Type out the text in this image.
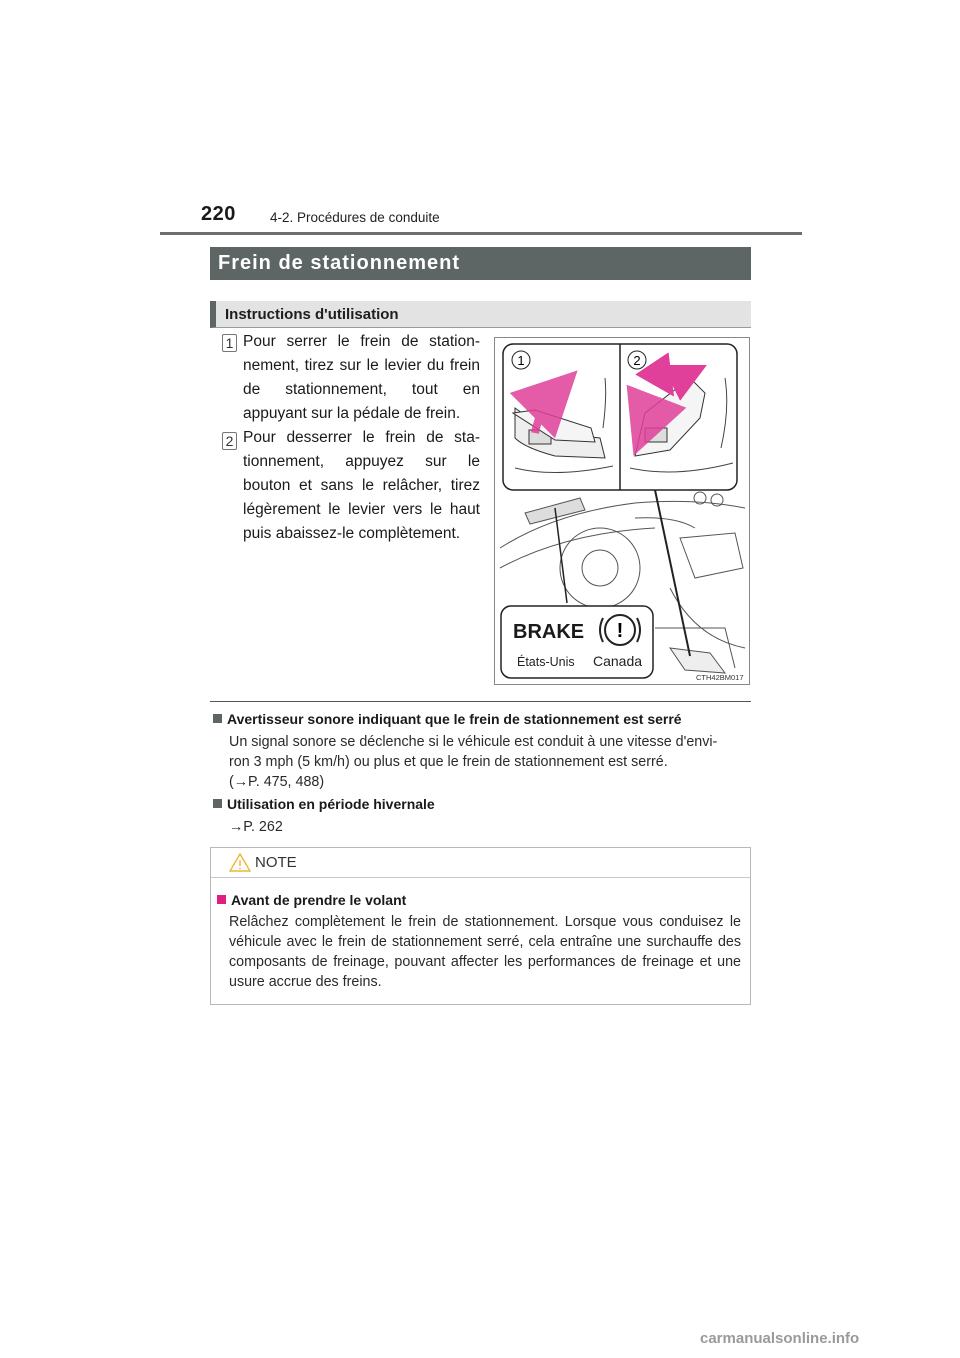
220	4-2. Procédures de conduite
Frein de stationnement
Instructions d'utilisation
1 Pour serrer le frein de station-nement, tirez sur le levier du frein de stationnement, tout en appuyant sur la pédale de frein.
2 Pour desserrer le frein de sta-tionnement, appuyez sur le bouton et sans le relâcher, tirez légèrement le levier vers le haut puis abaissez-le complètement.
1	2
BRAKE !
États-Unis Canada
CTH42BM017
Avertisseur sonore indiquant que le frein de stationnement est serré
Un signal sonore se déclenche si le véhicule est conduit à une vitesse d'envi-
ron 3 mph (5 km/h) ou plus et que le frein de stationnement est serré.
(→P. 475, 488)
Utilisation en période hivernale
→P. 262
NOTE
Avant de prendre le volant
Relâchez complètement le frein de stationnement. Lorsque vous conduisez le véhicule avec le frein de stationnement serré, cela entraîne une surchauffe des composants de freinage, pouvant affecter les performances de freinage et une usure accrue des freins.
carmanualsonline.info
